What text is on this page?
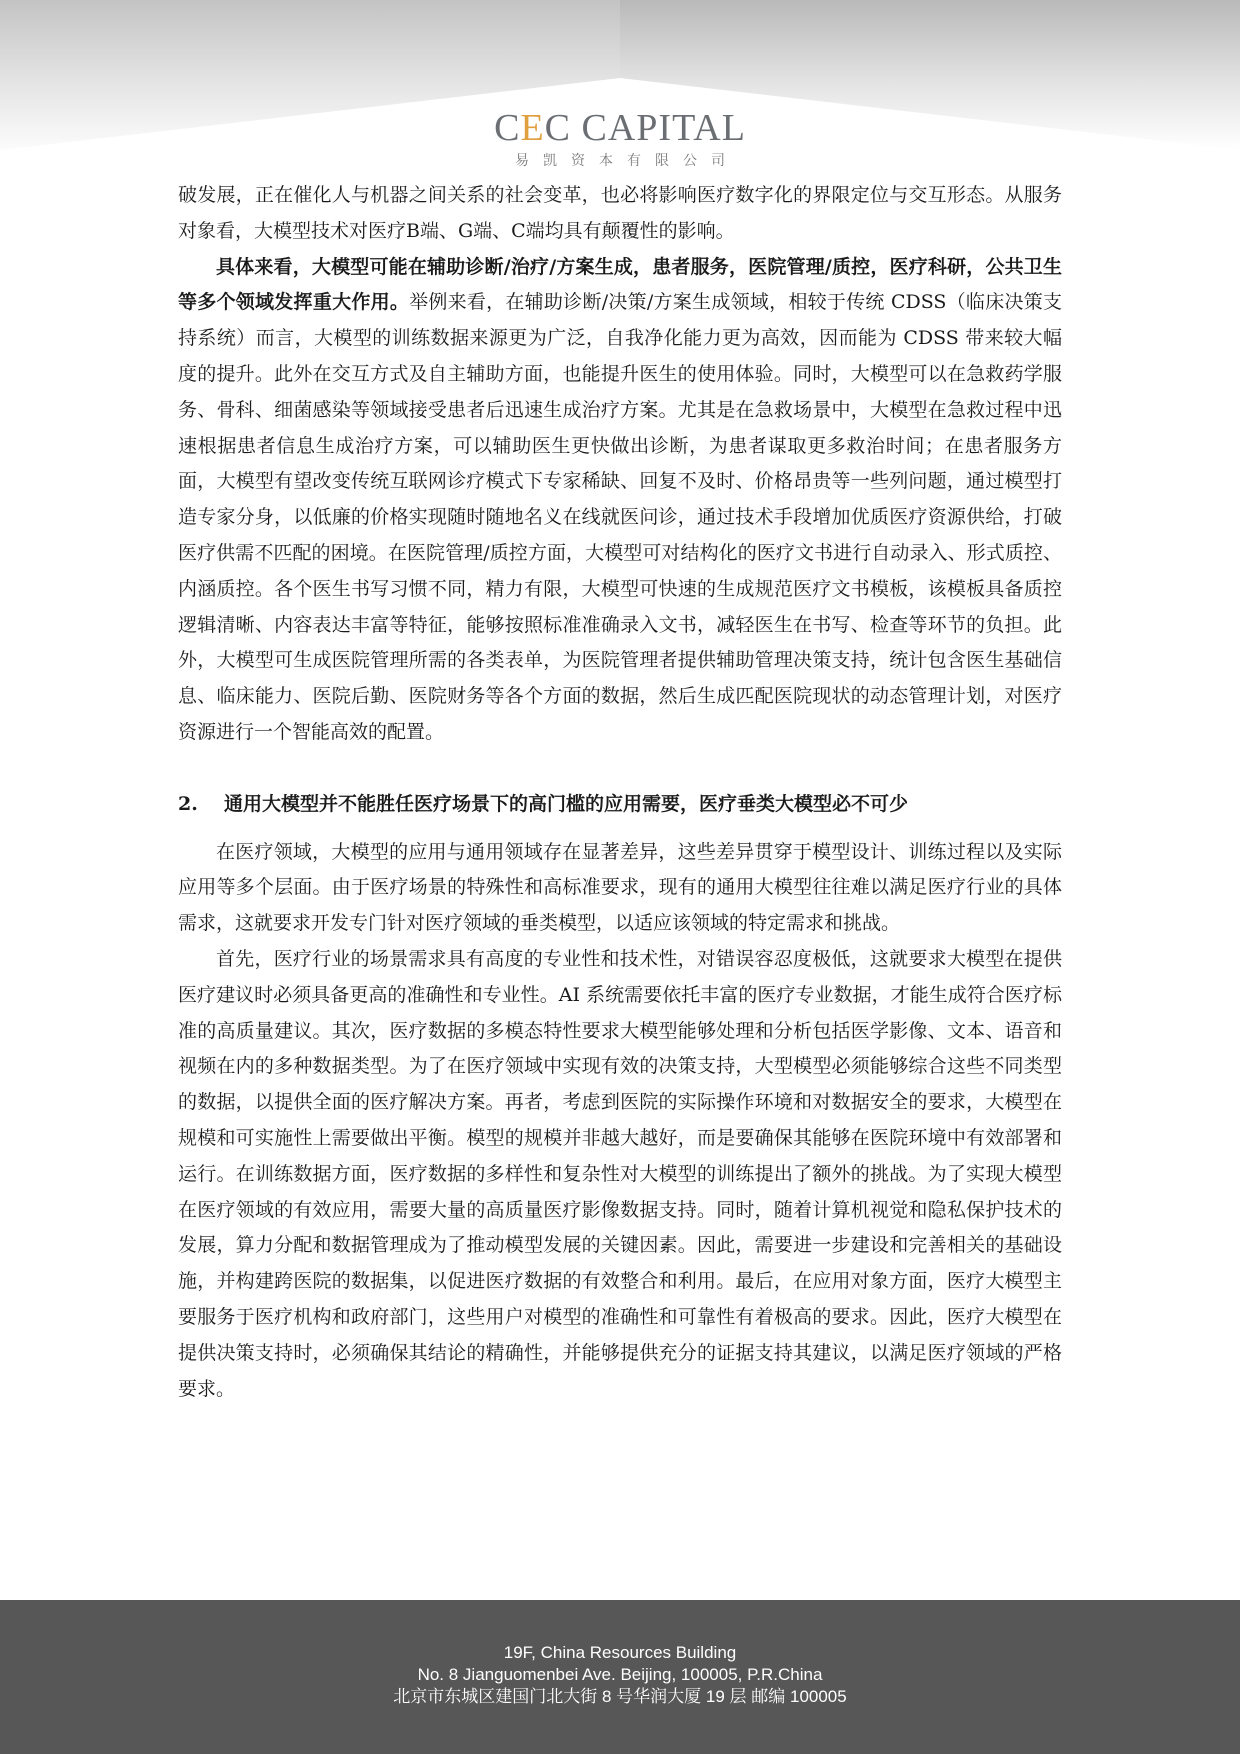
CEC CAPITAL
易凯资本有限公司

破发展，正在催化人与机器之间关系的社会变革，也必将影响医疗数字化的界限定位与交互形态。从服务对象看，大模型技术对医疗B端、G端、C端均具有颠覆性的影响。

具体来看，大模型可能在辅助诊断/治疗/方案生成，患者服务，医院管理/质控，医疗科研，公共卫生等多个领域发挥重大作用。举例来看，在辅助诊断/决策/方案生成领域，相较于传统 CDSS（临床决策支持系统）而言，大模型的训练数据来源更为广泛，自我净化能力更为高效，因而能为 CDSS 带来较大幅度的提升。此外在交互方式及自主辅助方面，也能提升医生的使用体验。同时，大模型可以在急救药学服务、骨科、细菌感染等领域接受患者后迅速生成治疗方案。尤其是在急救场景中，大模型在急救过程中迅速根据患者信息生成治疗方案，可以辅助医生更快做出诊断，为患者谋取更多救治时间；在患者服务方面，大模型有望改变传统互联网诊疗模式下专家稀缺、回复不及时、价格昂贵等一些列问题，通过模型打造专家分身，以低廉的价格实现随时随地名义在线就医问诊，通过技术手段增加优质医疗资源供给，打破医疗供需不匹配的困境。在医院管理/质控方面，大模型可对结构化的医疗文书进行自动录入、形式质控、内涵质控。各个医生书写习惯不同，精力有限，大模型可快速的生成规范医疗文书模板，该模板具备质控逻辑清晰、内容表达丰富等特征，能够按照标准准确录入文书，减轻医生在书写、检查等环节的负担。此外，大模型可生成医院管理所需的各类表单，为医院管理者提供辅助管理决策支持，统计包含医生基础信息、临床能力、医院后勤、医院财务等各个方面的数据，然后生成匹配医院现状的动态管理计划，对医疗资源进行一个智能高效的配置。

2. 通用大模型并不能胜任医疗场景下的高门槛的应用需要，医疗垂类大模型必不可少

在医疗领域，大模型的应用与通用领域存在显著差异，这些差异贯穿于模型设计、训练过程以及实际应用等多个层面。由于医疗场景的特殊性和高标准要求，现有的通用大模型往往难以满足医疗行业的具体需求，这就要求开发专门针对医疗领域的垂类模型，以适应该领域的特定需求和挑战。

首先，医疗行业的场景需求具有高度的专业性和技术性，对错误容忍度极低，这就要求大模型在提供医疗建议时必须具备更高的准确性和专业性。AI 系统需要依托丰富的医疗专业数据，才能生成符合医疗标准的高质量建议。其次，医疗数据的多模态特性要求大模型能够处理和分析包括医学影像、文本、语音和视频在内的多种数据类型。为了在医疗领域中实现有效的决策支持，大型模型必须能够综合这些不同类型的数据，以提供全面的医疗解决方案。再者，考虑到医院的实际操作环境和对数据安全的要求，大模型在规模和可实施性上需要做出平衡。模型的规模并非越大越好，而是要确保其能够在医院环境中有效部署和运行。在训练数据方面，医疗数据的多样性和复杂性对大模型的训练提出了额外的挑战。为了实现大模型在医疗领域的有效应用，需要大量的高质量医疗影像数据支持。同时，随着计算机视觉和隐私保护技术的发展，算力分配和数据管理成为了推动模型发展的关键因素。因此，需要进一步建设和完善相关的基础设施，并构建跨医院的数据集，以促进医疗数据的有效整合和利用。最后，在应用对象方面，医疗大模型主要服务于医疗机构和政府部门，这些用户对模型的准确性和可靠性有着极高的要求。因此，医疗大模型在提供决策支持时，必须确保其结论的精确性，并能够提供充分的证据支持其建议，以满足医疗领域的严格要求。

19F, China Resources Building
No. 8 Jianguomenbei Ave. Beijing, 100005, P.R.China
北京市东城区建国门北大街 8 号华润大厦 19 层 邮编 100005
